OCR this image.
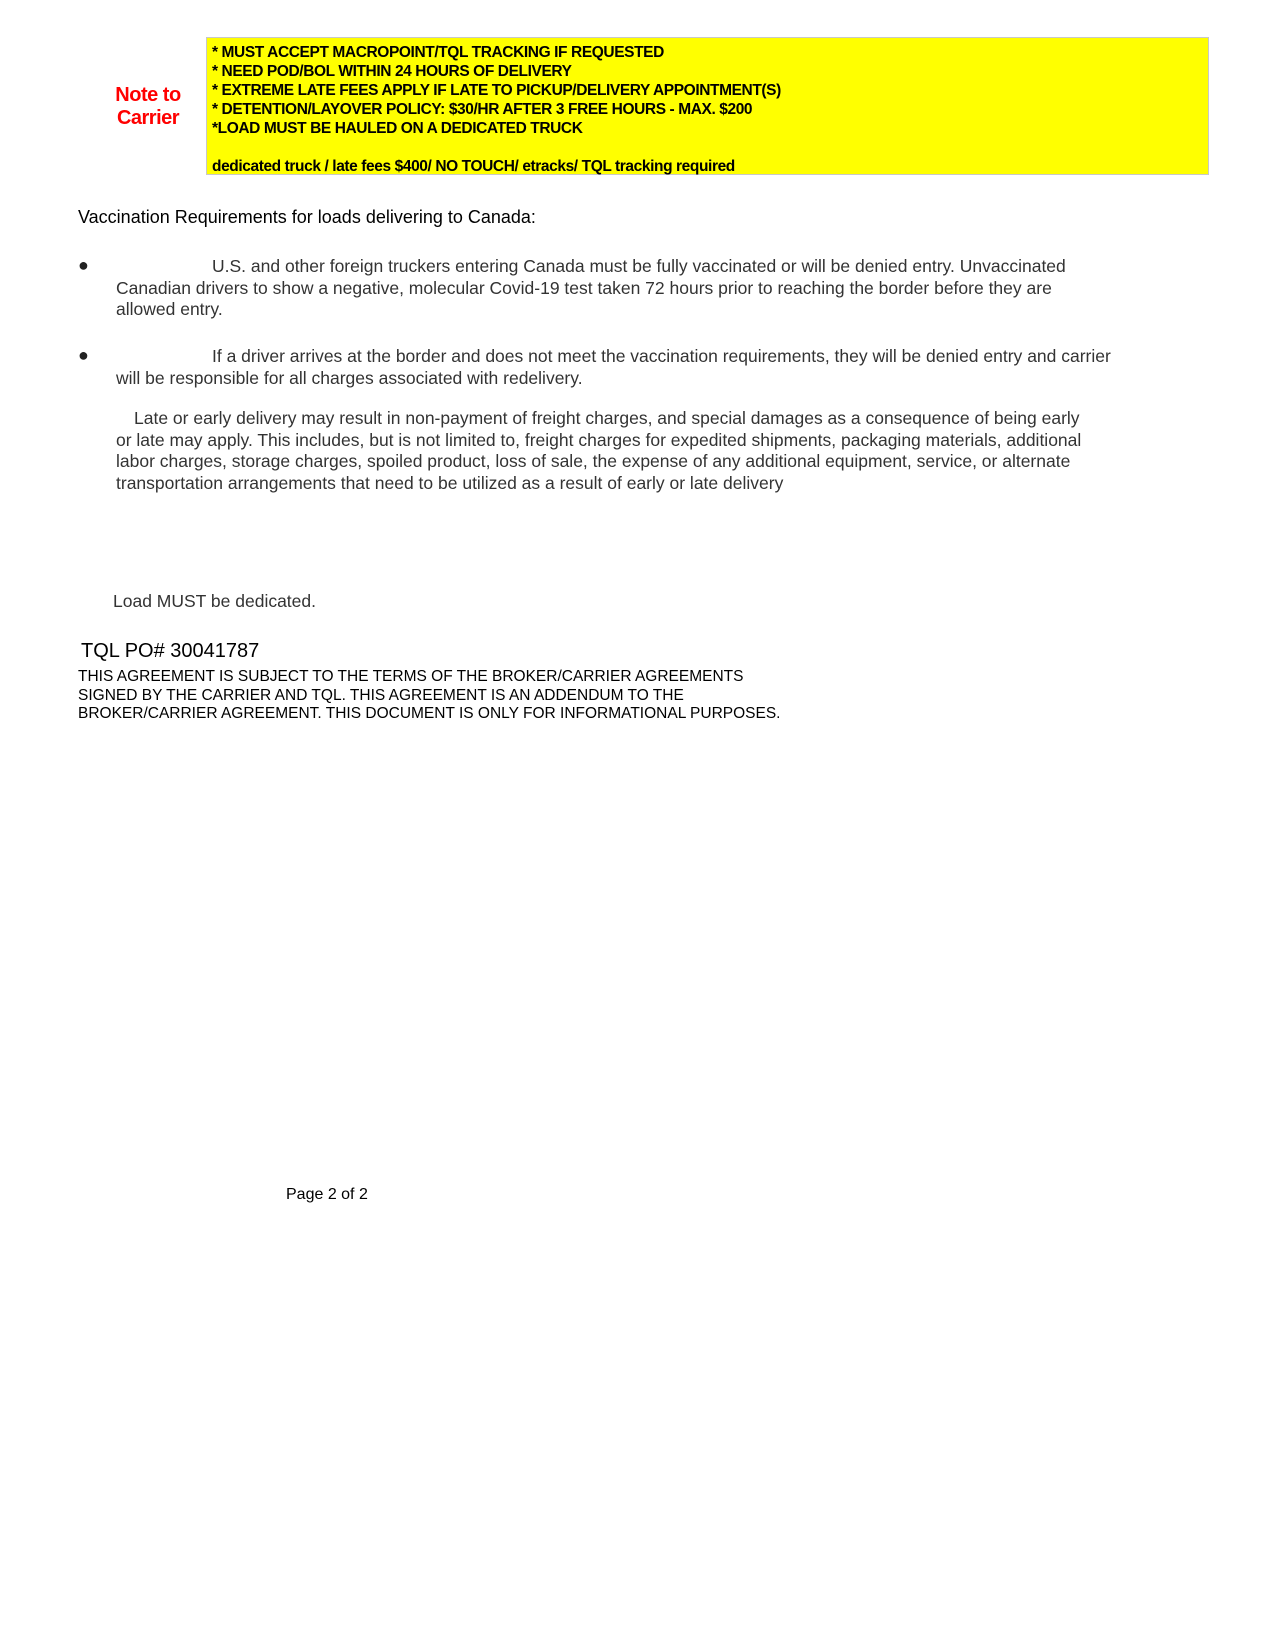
Note to
Carrier
* MUST ACCEPT MACROPOINT/TQL TRACKING IF REQUESTED
* NEED POD/BOL WITHIN 24 HOURS OF DELIVERY
* EXTREME LATE FEES APPLY IF LATE TO PICKUP/DELIVERY APPOINTMENT(S)
* DETENTION/LAYOVER POLICY: $30/HR AFTER 3 FREE HOURS - MAX. $200
*LOAD MUST BE HAULED ON A DEDICATED TRUCK
dedicated truck / late fees $400/ NO TOUCH/ etracks/ TQL tracking required
Vaccination Requirements for loads delivering to Canada:
●	U.S. and other foreign truckers entering Canada must be fully vaccinated or will be denied entry. Unvaccinated Canadian drivers to show a negative, molecular Covid-19 test taken 72 hours prior to reaching the border before they are allowed entry.
●	If a driver arrives at the border and does not meet the vaccination requirements, they will be denied entry and carrier will be responsible for all charges associated with redelivery.
Late or early delivery may result in non-payment of freight charges, and special damages as a consequence of being early or late may apply. This includes, but is not limited to, freight charges for expedited shipments, packaging materials, additional labor charges, storage charges, spoiled product, loss of sale, the expense of any additional equipment, service, or alternate transportation arrangements that need to be utilized as a result of early or late delivery
Load MUST be dedicated.
TQL PO# 30041787
THIS AGREEMENT IS SUBJECT TO THE TERMS OF THE BROKER/CARRIER AGREEMENTS SIGNED BY THE CARRIER AND TQL. THIS AGREEMENT IS AN ADDENDUM TO THE BROKER/CARRIER AGREEMENT. THIS DOCUMENT IS ONLY FOR INFORMATIONAL PURPOSES.
Page 2 of 2
